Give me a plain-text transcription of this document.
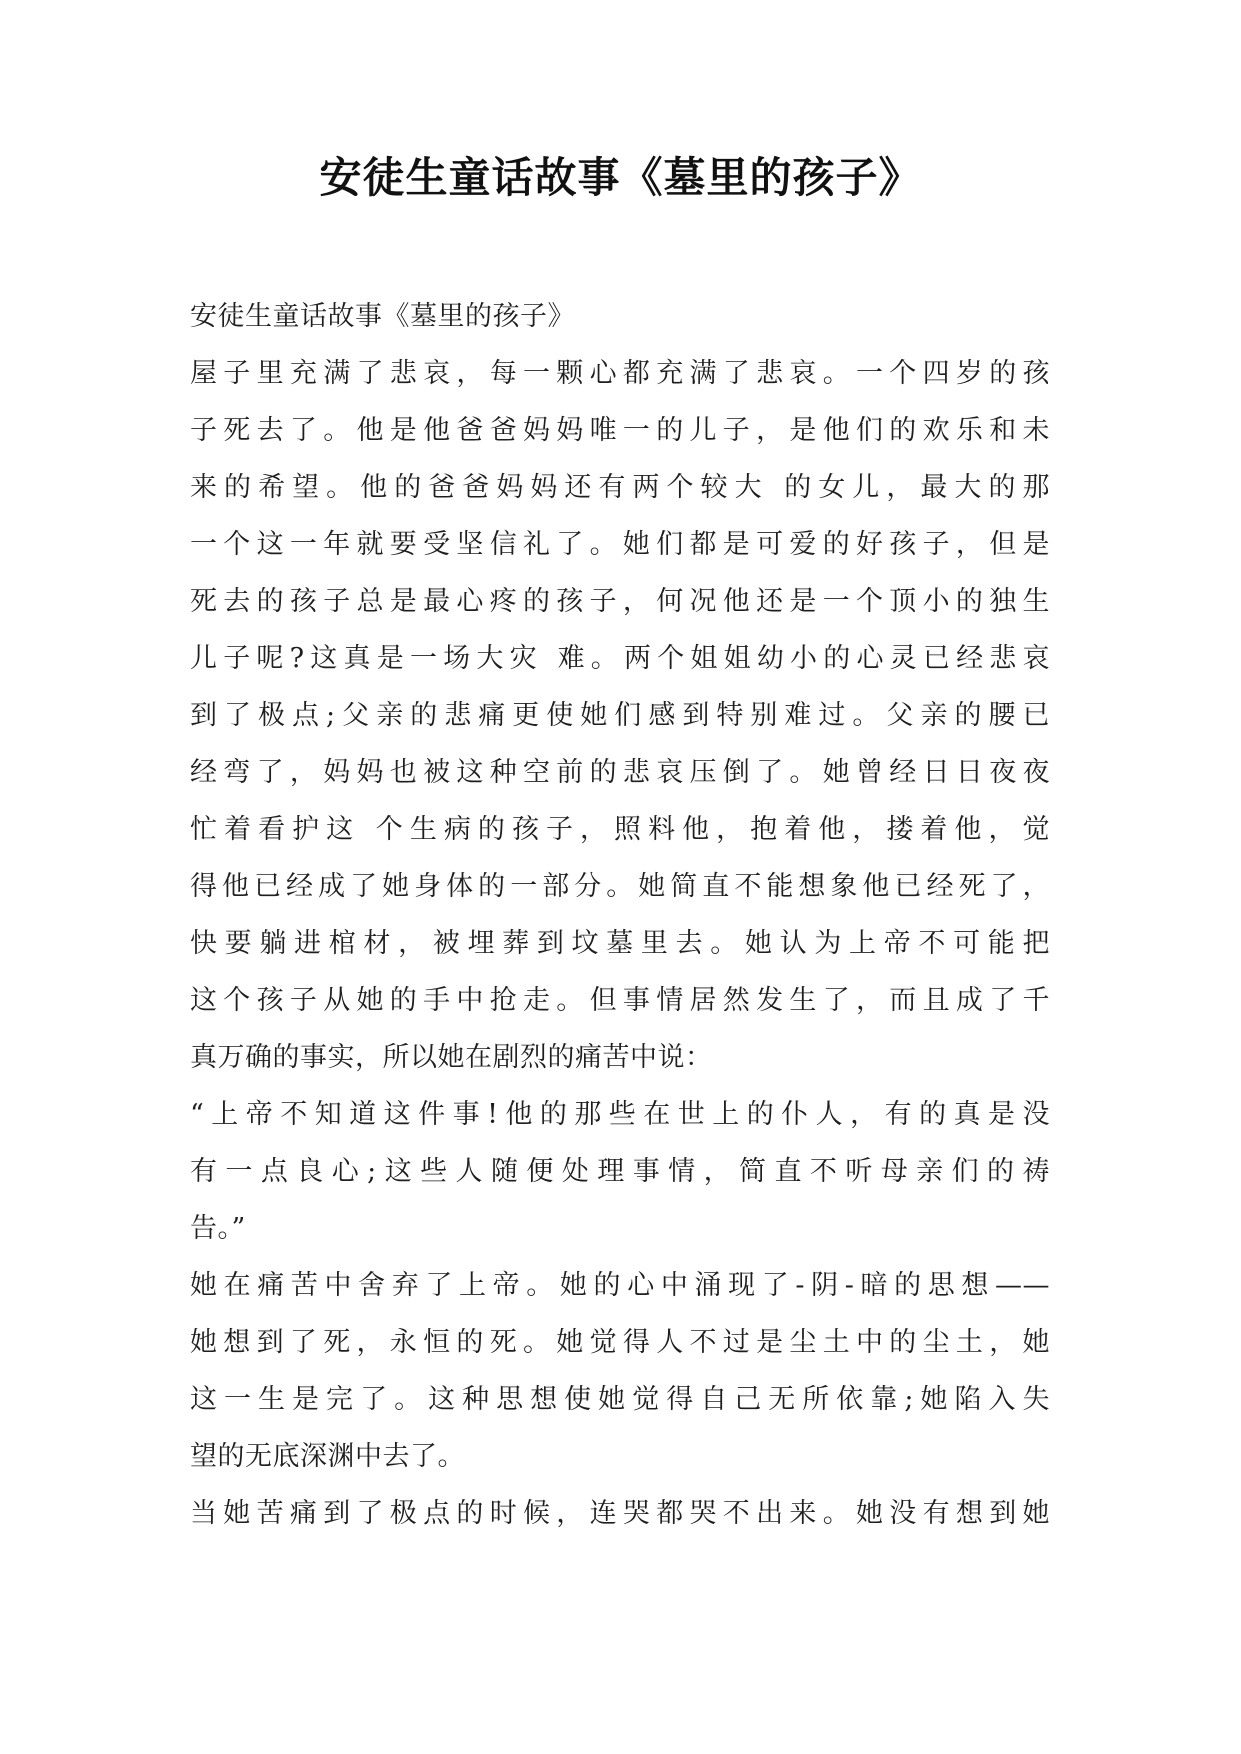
安徒生童话故事《墓里的孩子》
安徒生童话故事《墓里的孩子》
屋子里充满了悲哀，每一颗心都充满了悲哀。一个四岁的孩
子死去了。他是他爸爸妈妈唯一的儿子，是他们的欢乐和未
来的希望。他的爸爸妈妈还有两个较大 的女儿，最大的那
一个这一年就要受坚信礼了。她们都是可爱的好孩子，但是
死去的孩子总是最心疼的孩子，何况他还是一个顶小的独生
儿子呢?这真是一场大灾 难。两个姐姐幼小的心灵已经悲哀
到了极点;父亲的悲痛更使她们感到特别难过。父亲的腰已
经弯了，妈妈也被这种空前的悲哀压倒了。她曾经日日夜夜
忙着看护这 个生病的孩子，照料他，抱着他，搂着他，觉
得他已经成了她身体的一部分。她简直不能想象他已经死了，
快要躺进棺材，被埋葬到坟墓里去。她认为上帝不可能把
这个孩子从她的手中抢走。但事情居然发生了，而且成了千
真万确的事实，所以她在剧烈的痛苦中说：
“上帝不知道这件事!他的那些在世上的仆人，有的真是没
有一点良心;这些人随便处理事情，简直不听母亲们的祷
告。”
她在痛苦中舍弃了上帝。她的心中涌现了-阴-暗的思想——
她想到了死，永恒的死。她觉得人不过是尘土中的尘土，她
这一生是完了。这种思想使她觉得自己无所依靠;她陷入失
望的无底深渊中去了。
当她苦痛到了极点的时候，连哭都哭不出来。她没有想到她
